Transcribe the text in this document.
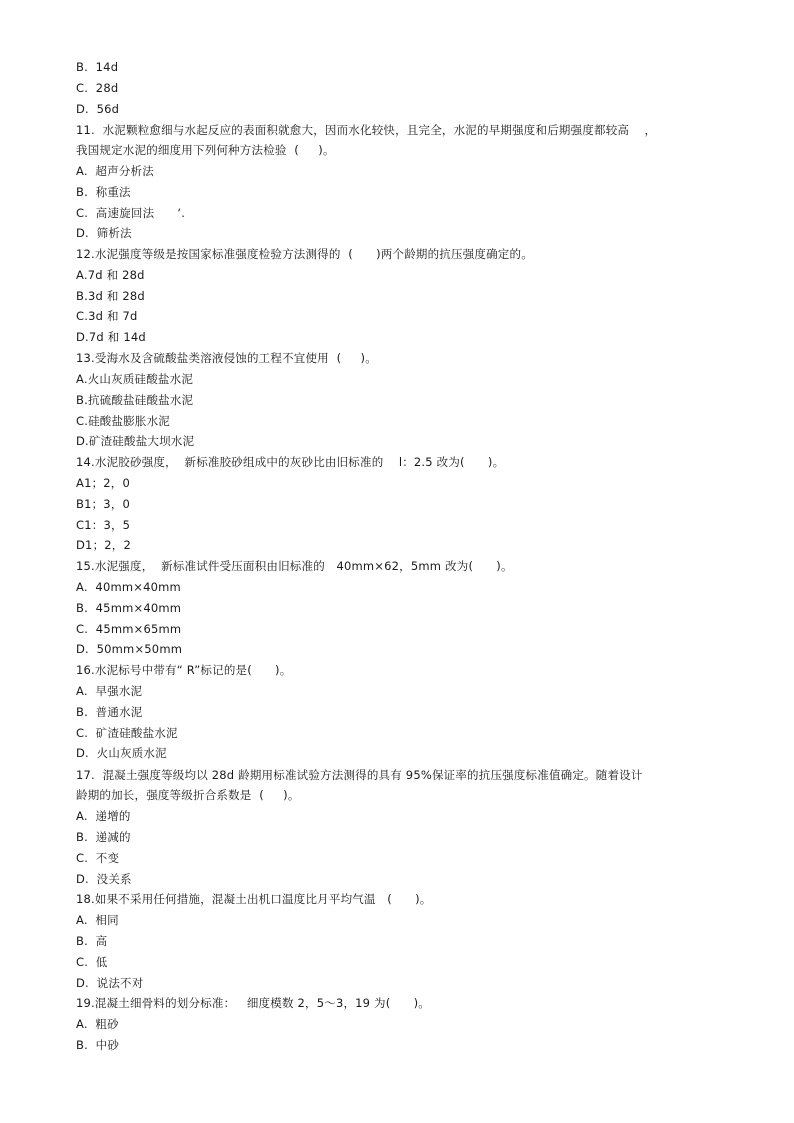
B.  14d
C.  28d
D.  56d
11.  水泥颗粒愈细与水起反应的表面积就愈大，因而水化较快，且完全，水泥的早期强度和后期强度都较高    ，
我国规定水泥的细度用下列何种方法检验  (     )。
A.  超声分析法
B.  称重法
C.  高速旋回法      ‘.
D.  筛析法
12.水泥强度等级是按国家标准强度检验方法测得的  (      )两个龄期的抗压强度确定的。
A.7d 和 28d
B.3d 和 28d
C.3d 和 7d
D.7d 和 14d
13.受海水及含硫酸盐类溶液侵蚀的工程不宜使用  (     )。
A.火山灰质硅酸盐水泥
B.抗硫酸盐硅酸盐水泥
C.硅酸盐膨胀水泥
D.矿渣硅酸盐大坝水泥
14.水泥胶砂强度，  新标准胶砂组成中的灰砂比由旧标准的    l：2.5 改为(      )。
A1；2，0
B1；3，0
C1：3，5
D1；2，2
15.水泥强度，  新标准试件受压面积由旧标准的   40mm×62，5mm 改为(      )。
A.  40mm×40mm
B.  45mm×40mm
C.  45mm×65mm
D.  50mm×50mm
16.水泥标号中带有“ R”标记的是(      )。
A.  早强水泥
B.  普通水泥
C.  矿渣硅酸盐水泥
D.  火山灰质水泥
17.  混凝土强度等级均以 28d 龄期用标准试验方法测得的具有 95%保证率的抗压强度标准值确定。随着设计
龄期的加长，强度等级折合系数是  (     )。
A.  递增的
B.  递减的
C.  不变
D.  没关系
18.如果不采用任何措施，混凝土出机口温度比月平均气温   (      )。
A.  相同
B.  高
C.  低
D.  说法不对
19.混凝土细骨料的划分标准：   细度模数 2，5～3，19 为(      )。
A.  粗砂
B.  中砂
